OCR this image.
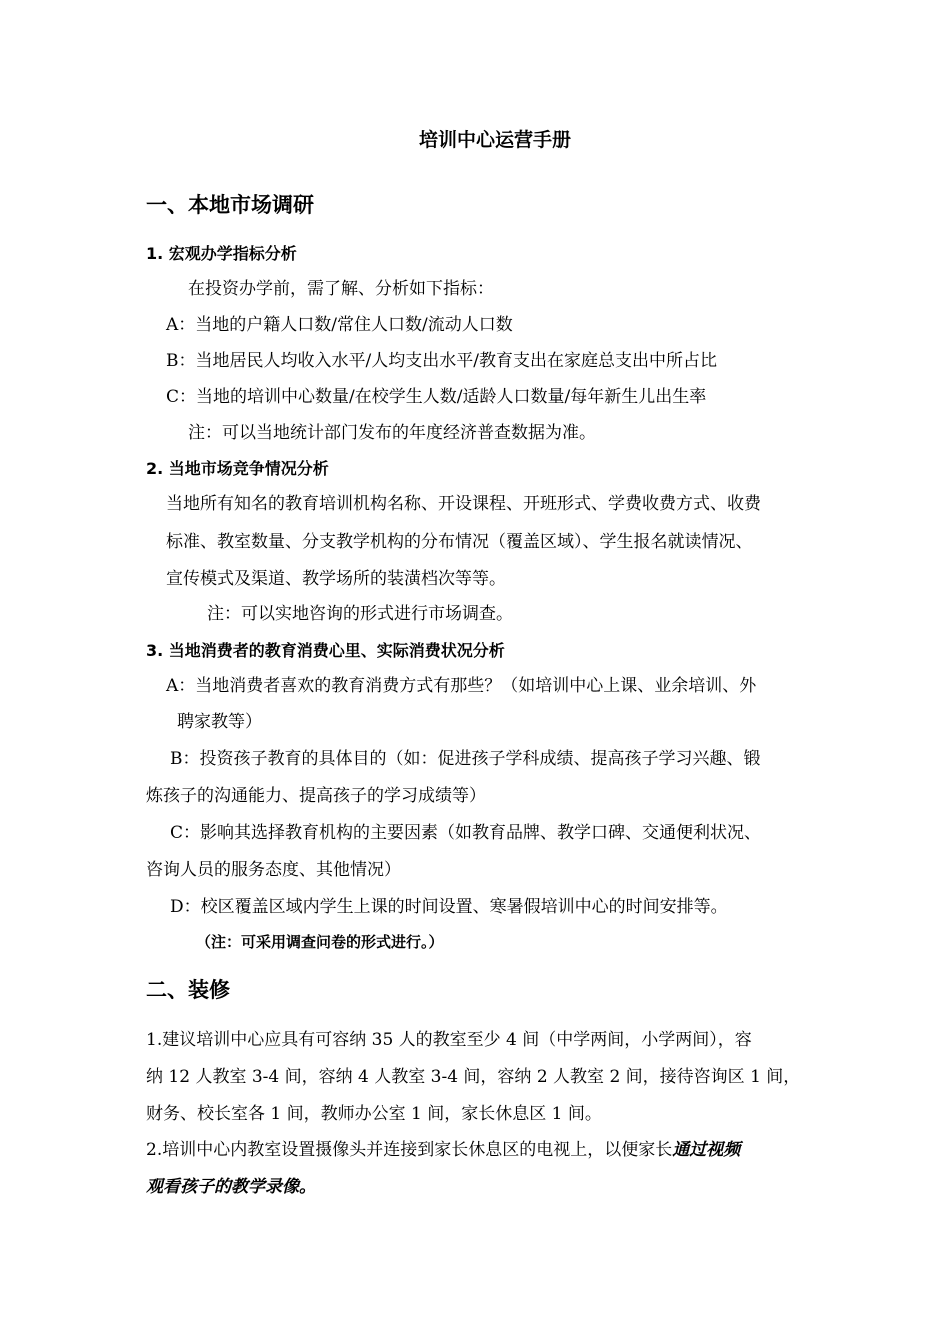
培训中心运营手册
一、本地市场调研
1. 宏观办学指标分析
在投资办学前，需了解、分析如下指标：
A：当地的户籍人口数/常住人口数/流动人口数
B：当地居民人均收入水平/人均支出水平/教育支出在家庭总支出中所占比
C：当地的培训中心数量/在校学生人数/适龄人口数量/每年新生儿出生率
注：可以当地统计部门发布的年度经济普查数据为准。
2. 当地市场竞争情况分析
当地所有知名的教育培训机构名称、开设课程、开班形式、学费收费方式、收费
标准、教室数量、分支教学机构的分布情况（覆盖区域）、学生报名就读情况、
宣传模式及渠道、教学场所的装潢档次等等。
注：可以实地咨询的形式进行市场调查。
3. 当地消费者的教育消费心里、实际消费状况分析
A：当地消费者喜欢的教育消费方式有那些？（如培训中心上课、业余培训、外
聘家教等）
B：投资孩子教育的具体目的（如：促进孩子学科成绩、提高孩子学习兴趣、锻
炼孩子的沟通能力、提高孩子的学习成绩等）
C：影响其选择教育机构的主要因素（如教育品牌、教学口碑、交通便利状况、
咨询人员的服务态度、其他情况）
D：校区覆盖区域内学生上课的时间设置、寒暑假培训中心的时间安排等。
（注：可采用调查问卷的形式进行。）
二、装修
1.建议培训中心应具有可容纳 35 人的教室至少 4 间（中学两间，小学两间），容
纳 12 人教室 3-4 间，容纳 4 人教室 3-4 间，容纳 2 人教室 2 间，接待咨询区 1 间，
财务、校长室各 1 间，教师办公室 1 间，家长休息区 1 间。
2.培训中心内教室设置摄像头并连接到家长休息区的电视上，以便家长通过视频
观看孩子的教学录像。
